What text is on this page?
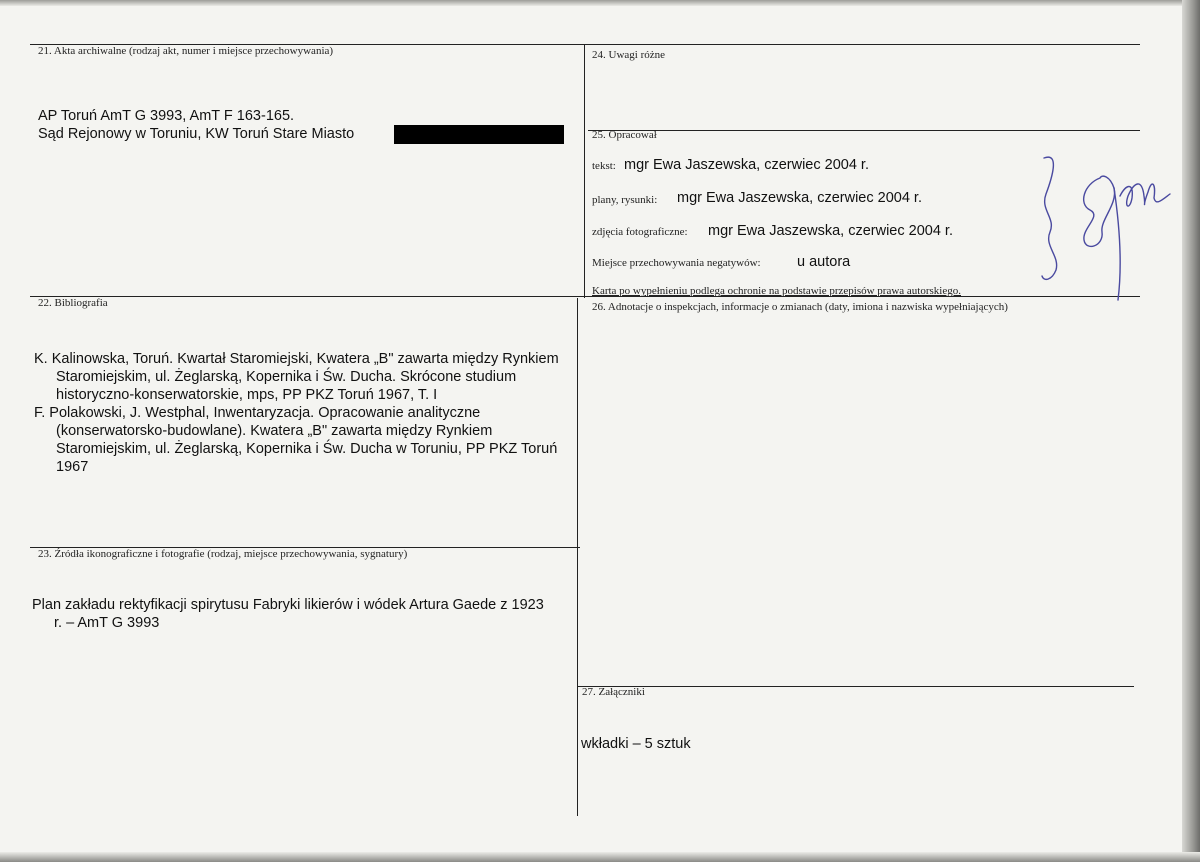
21. Akta archiwalne (rodzaj akt, numer i miejsce przechowywania)
AP Toruń AmT G 3993, AmT F 163-165.
Sąd Rejonowy w Toruniu, KW Toruń Stare Miasto
24. Uwagi różne
25. Opracował
tekst: mgr Ewa Jaszewska, czerwiec 2004 r.
plany, rysunki: mgr Ewa Jaszewska, czerwiec 2004 r.
zdjęcia fotograficzne: mgr Ewa Jaszewska, czerwiec 2004 r.
Miejsce przechowywania negatywów:	u autora
Karta po wypełnieniu podlega ochronie na podstawie przepisów prawa autorskiego.
22. Bibliografia

K. Kalinowska, Toruń. Kwartał Staromiejski, Kwatera „B" zawarta między Rynkiem Staromiejskim, ul. Żeglarską, Kopernika i Św. Ducha. Skrócone studium historyczno-konserwatorskie, mps, PP PKZ Toruń 1967, T. I

F. Polakowski, J. Westphal, Inwentaryzacja. Opracowanie analityczne (konserwatorsko-budowlane). Kwatera „B" zawarta między Rynkiem Staromiejskim, ul. Żeglarską, Kopernika i Św. Ducha w Toruniu, PP PKZ Toruń 1967

23. Źródła ikonograficzne i fotografie (rodzaj, miejsce przechowywania, sygnatury)

Plan zakładu rektyfikacji spirytusu Fabryki likierów i wódek Artura Gaede z 1923 r. – AmT G 3993

26. Adnotacje o inspekcjach, informacje o zmianach (daty, imiona i nazwiska wypełniających)
27. Załączniki
wkładki – 5 sztuk
